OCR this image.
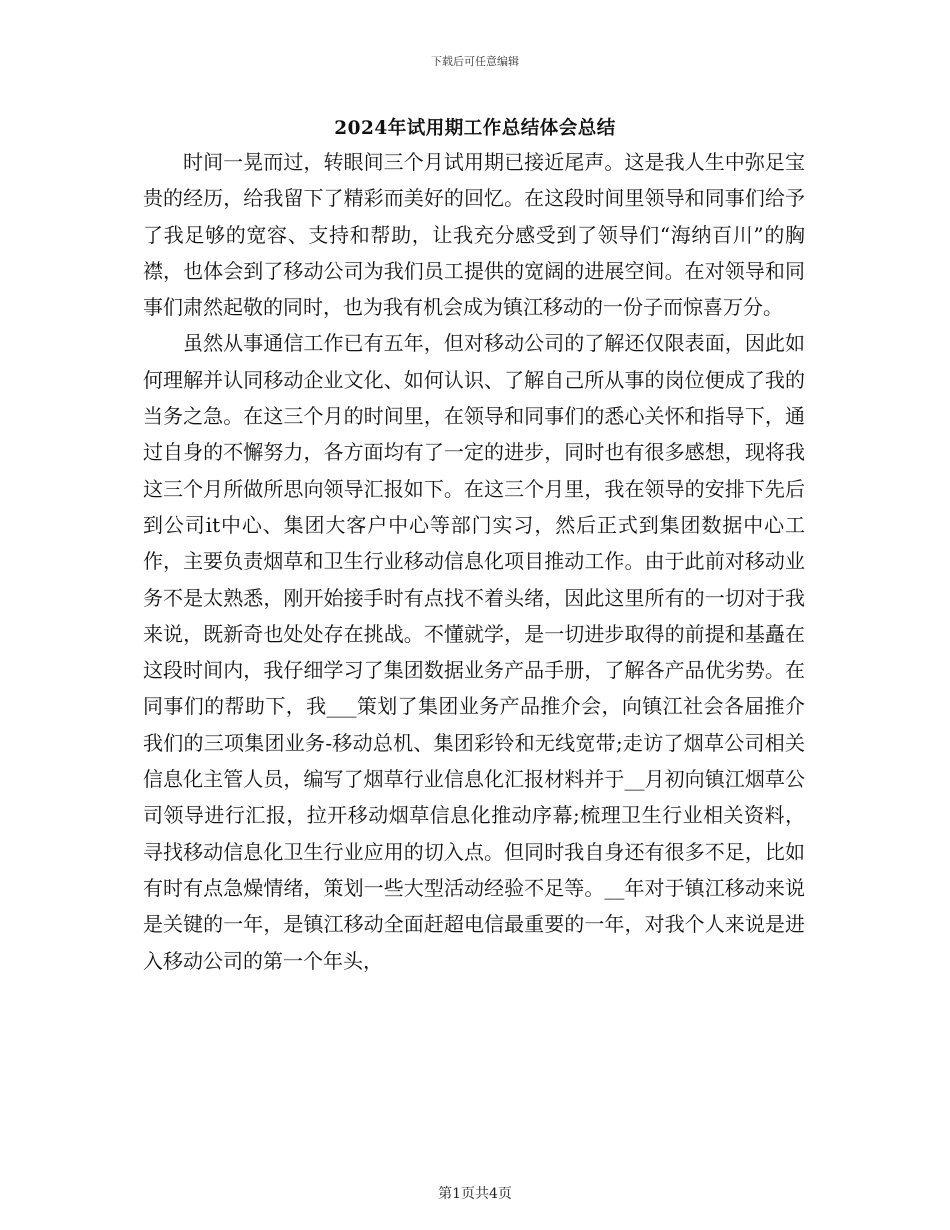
下载后可任意编辑
2024年试用期工作总结体会总结

时间一晃而过，转眼间三个月试用期已接近尾声。这是我人生中弥足宝贵的经历，给我留下了精彩而美好的回忆。在这段时间里领导和同事们给予了我足够的宽容、支持和帮助，让我充分感受到了领导们“海纳百川”的胸襟，也体会到了移动公司为我们员工提供的宽阔的进展空间。在对领导和同事们肃然起敬的同时，也为我有机会成为镇江移动的一份子而惊喜万分。

虽然从事通信工作已有五年，但对移动公司的了解还仅限表面，因此如何理解并认同移动企业文化、如何认识、了解自己所从事的岗位便成了我的当务之急。在这三个月的时间里，在领导和同事们的悉心关怀和指导下，通过自身的不懈努力，各方面均有了一定的进步，同时也有很多感想，现将我这三个月所做所思向领导汇报如下。在这三个月里，我在领导的安排下先后到公司it中心、集团大客户中心等部门实习，然后正式到集团数据中心工作，主要负责烟草和卫生行业移动信息化项目推动工作。由于此前对移动业务不是太熟悉，刚开始接手时有点找不着头绪，因此这里所有的一切对于我来说，既新奇也处处存在挑战。不懂就学，是一切进步取得的前提和基矗在这段时间内，我仔细学习了集团数据业务产品手册，了解各产品优劣势。在同事们的帮助下，我___策划了集团业务产品推介会，向镇江社会各届推介我们的三项集团业务-移动总机、集团彩铃和无线宽带;走访了烟草公司相关信息化主管人员，编写了烟草行业信息化汇报材料并于__月初向镇江烟草公司领导进行汇报，拉开移动烟草信息化推动序幕;梳理卫生行业相关资料，寻找移动信息化卫生行业应用的切入点。但同时我自身还有很多不足，比如有时有点急燥情绪，策划一些大型活动经验不足等。__年对于镇江移动来说是关键的一年，是镇江移动全面赶超电信最重要的一年，对我个人来说是进入移动公司的第一个年头，

第1页共4页
